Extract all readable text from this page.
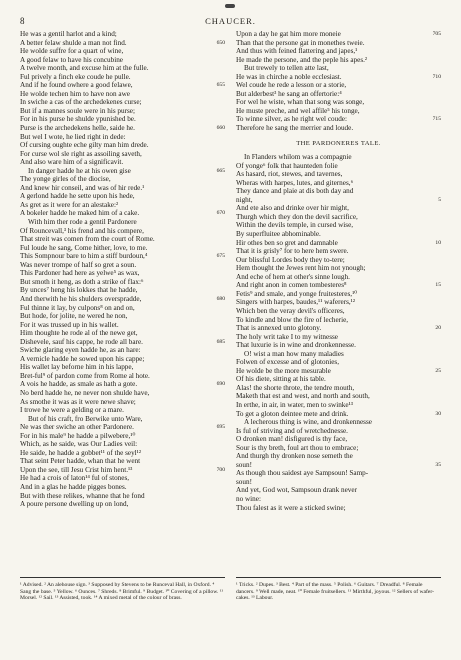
8	CHAUCER.
He was a gentil harlot and a kind;
A better felaw shulde a man not find.	650
He wolde suffre for a quart of wine,
A good felaw to have his concubine
A twelve month, and excuse him at the fulle.
Ful prively a finch eke coude he pulle.
And if he found owhere a good felawe,	655
He wolde techen him to have non awe
In swiche a cas of the archedekenes curse;
But if a mannes soule were in his purse;
For in his purse he shulde ypunished be.
Purse is the archedekens helle, saide he.	660
But wel I wote, he lied right in dede:
Of cursing oughte eche gilty man him drede.
For curse wol sle right as assoiling saveth,
And also ware him of a significavit.
In danger hadde he at his owen gise	665
The yonge girles of the diocise,
And knew hir conseil, and was of hir rede.¹
A gerlond hadde he sette upon his hede,
As gret as it were for an alestake:²
A bokeler hadde he maked him of a cake.	670
With him ther rode a gentil Pardonere
Of Rouncevall,³ his frend and his compere,
That streit was comen from the court of Rome.
Ful loude he sang, Come hither, love, to me.
This Sompnour bare to him a stiff burdoun,⁴	675
Was never trompe of half so gret a soun.
This Pardoner had here as yelwe⁵ as wax,
But smoth it heng, as doth a strike of flax:⁶
By unces⁷ heng his lokkes that he hadde,
And therwith he his shulders overspradde,	680
Ful thinne it lay, by culpons⁸ on and on,
But hode, for jolite, ne wered he non,
For it was trussed up in his wallet.
Him thoughte he rode al of the newe get,
Dishevele, sauf his cappe, he rode all bare.	685
Swiche glaring eyen hadde he, as an hare:
A vernicle hadde he sowed upon his cappe;
His wallet lay beforne him in his lappe,
Bret-ful⁹ of pardon come from Rome al hote.
A vois he hadde, as smale as hath a gote.	690
No berd hadde he, ne never non shulde have,
As smothe it was as it were newe shave;
I trowe he were a gelding or a mare.
But of his craft, fro Berwike unto Ware,
Ne was ther swiche an other Pardonere.	695
For in his male⁹ he hadde a pilwebere,¹⁰
Which, as he saide, was Our Ladies veil:
He saide, he hadde a gobbet¹¹ of the seyl¹²
That seint Peter hadde, whan that he went
Upon the see, till Jesu Crist him hent.¹³	700
He had a crois of laton¹⁴ ful of stones,
And in a glas he hadde pigges bones.
But with these relikes, whanne that he fond
A poure persone dwelling up on lond,
Upon a day he gat him more moneie	705
Than that the persone gat in monethes tweie.
And thus with feined flattering and japes,¹
He made the persone, and the peple his apes.²
But trewely to tellen atte last,
He was in chirche a noble ecclesiast.	710
Wel coude he rede a lesson or a storie,
But alderbest³ he sang an offertorie:⁴
For wel he wiste, whan that song was songe,
He muste preche, and wel affile⁵ his tonge,
To winne silver, as he right wel coude:	715
Therefore he sang the merrier and loude.
THE PARDONERES TALE.
In Flanders whilom was a compagnie
Of yonge⁶ folk that haunteden folie
As hasard, riot, stewes, and tavernes,
Wheras with harpes, lutes, and giternes,⁶
They dance and plaie at dis both day and
night,	5
And ete also and drinke over hir might,
Thurgh which they don the devil sacrifice,
Within the devils temple, in cursed wise,
By superfluitee abhominable.
Hir othes ben so gret and damnable	10
That it is grisly⁷ for to here hem swere.
Our blissful Lordes body they to-tere;
Hem thought the Jewes rent him not ynough;
And eche of hem at other's sinne lough.
And right anon in comen tombesteres⁸	15
Fetis⁹ and smale, and yonge fruitesteres,¹⁰
Singers with harpes, baudes,¹¹ waferers,¹²
Which ben the veray devil's officeres,
To kindle and blow the fire of lecherie,
That is annexed unto glotony.	20
The holy writ take I to my witnesse
That luxurie is in wine and dronkennesse.
O! wist a man how many maladies
Folwen of excesse and of glotonies,
He wolde be the more mesurable	25
Of his diete, sitting at his table.
Alas! the shorte throte, the tendre mouth,
Maketh that est and west, and north and south,
In erthe, in air, in water, men to swinke¹³
To get a gloton deintee mete and drink.	30
A lecherous thing is wine, and dronkennesse
Is ful of striving and of wretchednesse.
O dronken man! disfigured is thy face,
Sour is thy breth, foul art thou to embrace;
And thurgh thy dronken nose semeth the
soun!	35
As though thou saidest aye Sampsoun! Samp-
soun!
And yet, God wot, Sampsoun drank never
no wine:
Thou falest as it were a sticked swine;
¹ Advised. ² An alehouse sign. ³ Supposed by Stevens to be Runceval Hall, in Oxford. ⁴ Sang the base. ⁵ Yellow. ⁶ Ounces. ⁷ Shreds. ⁸ Brimful. ⁹ Budget. ¹⁰ Covering of a pillow. ¹¹ Morsel. ¹² Sail. ¹³ Assisted, took. ¹⁴ A mixed metal of the colour of brass.
¹ Tricks. ² Dupes. ³ Best. ⁴ Part of the mass. ⁵ Polish. ⁶ Guitars. ⁷ Dreadful. ⁸ Female dancers. ⁹ Well made, neat. ¹⁰ Female fruitsellers. ¹¹ Mirthful, joyous. ¹² Sellers of wafer-cakes. ¹³ Labour.
